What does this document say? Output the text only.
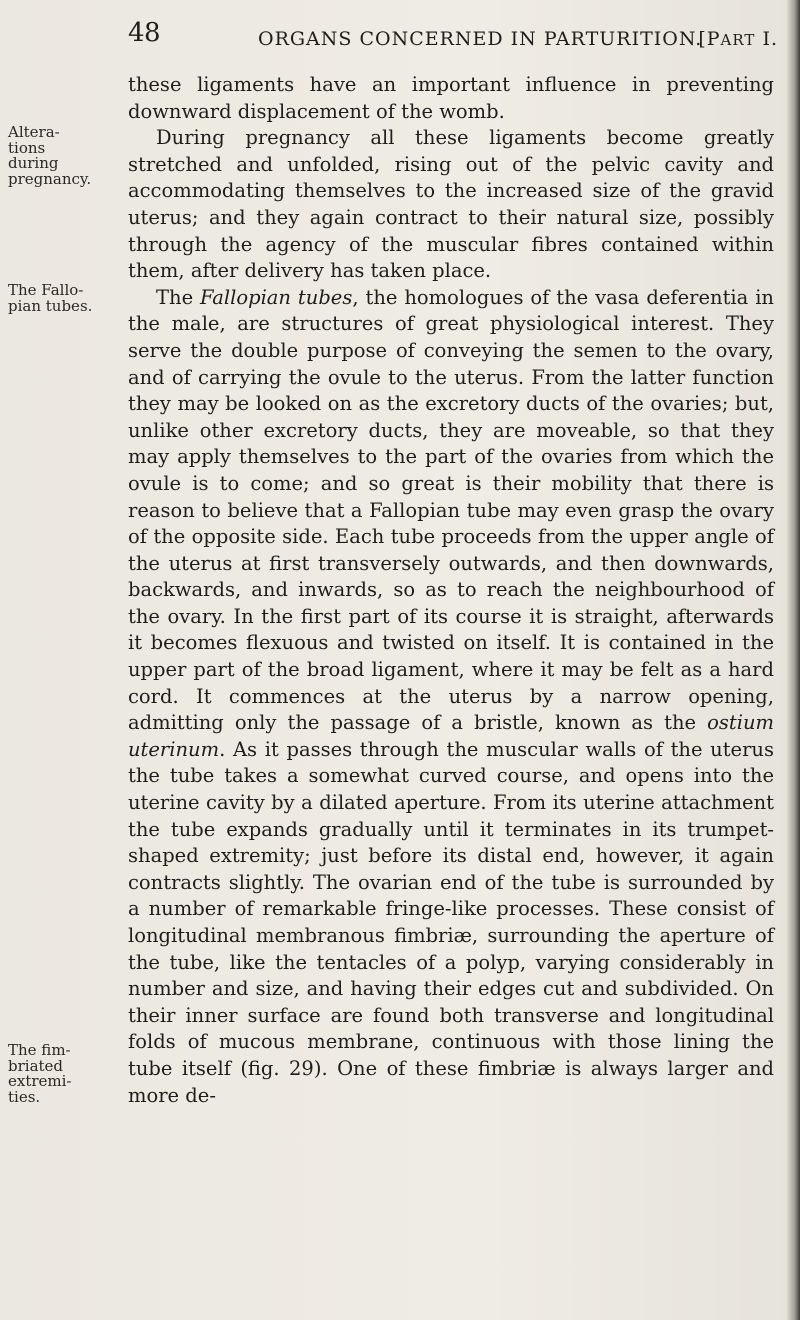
48	ORGANS CONCERNED IN PARTURITION.
[PART I.
Altera-
tions
during
pregnancy.
The Fallo-
pian tubes.
The fim-
briated
extremi-
ties.

these ligaments have an important influence in preventing downward displacement of the womb.

During pregnancy all these ligaments become greatly stretched and unfolded, rising out of the pelvic cavity and accommodating themselves to the increased size of the gravid uterus; and they again contract to their natural size, possibly through the agency of the muscular fibres contained within them, after delivery has taken place.

The Fallopian tubes, the homologues of the vasa deferentia in the male, are structures of great physiological interest. They serve the double purpose of conveying the semen to the ovary, and of carrying the ovule to the uterus. From the latter function they may be looked on as the excretory ducts of the ovaries; but, unlike other excretory ducts, they are moveable, so that they may apply themselves to the part of the ovaries from which the ovule is to come; and so great is their mobility that there is reason to believe that a Fallopian tube may even grasp the ovary of the opposite side. Each tube proceeds from the upper angle of the uterus at first transversely outwards, and then downwards, backwards, and inwards, so as to reach the neighbourhood of the ovary. In the first part of its course it is straight, afterwards it becomes flexuous and twisted on itself. It is contained in the upper part of the broad ligament, where it may be felt as a hard cord. It commences at the uterus by a narrow opening, admitting only the passage of a bristle, known as the ostium uterinum. As it passes through the muscular walls of the uterus the tube takes a somewhat curved course, and opens into the uterine cavity by a dilated aperture. From its uterine attachment the tube expands gradually until it terminates in its trumpet-shaped extremity; just before its distal end, however, it again contracts slightly. The ovarian end of the tube is surrounded by a number of remarkable fringe-like processes. These consist of longitudinal membranous fimbriæ, surrounding the aperture of the tube, like the tentacles of a polyp, varying considerably in number and size, and having their edges cut and subdivided. On their inner surface are found both transverse and longitudinal folds of mucous membrane, continuous with those lining the tube itself (fig. 29). One of these fimbriæ is always larger and more de-
